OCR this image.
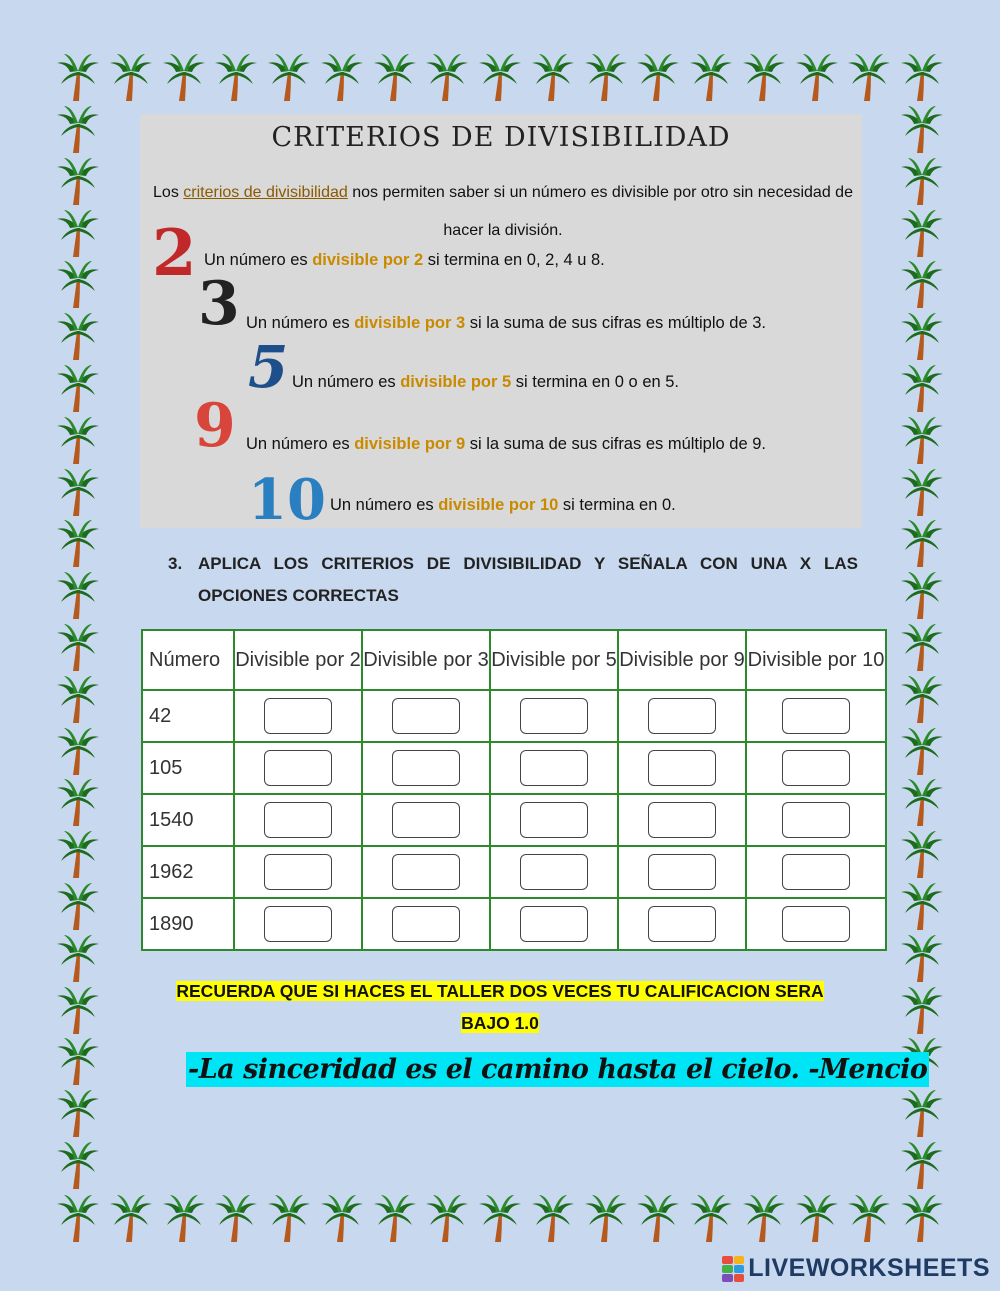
CRITERIOS DE DIVISIBILIDAD
Los criterios de divisibilidad nos permiten saber si un número es divisible por otro sin necesidad de hacer la división.
2 Un número es divisible por 2 si termina en 0, 2, 4 u 8.
3 Un número es divisible por 3 si la suma de sus cifras es múltiplo de 3.
5 Un número es divisible por 5 si termina en 0 o en 5.
9 Un número es divisible por 9 si la suma de sus cifras es múltiplo de 9.
10 Un número es divisible por 10 si termina en 0.
3. APLICA LOS CRITERIOS DE DIVISIBILIDAD Y SEÑALA CON UNA X LAS OPCIONES CORRECTAS
Número	Divisible por 2	Divisible por 3	Divisible por 5	Divisible por 9	Divisible por 10
42					
105					
1540					
1962					
1890					
RECUERDA QUE SI HACES EL TALLER DOS VECES TU CALIFICACION SERA
BAJO 1.0
-La sinceridad es el camino hasta el cielo. -Mencio
LIVEWORKSHEETS
